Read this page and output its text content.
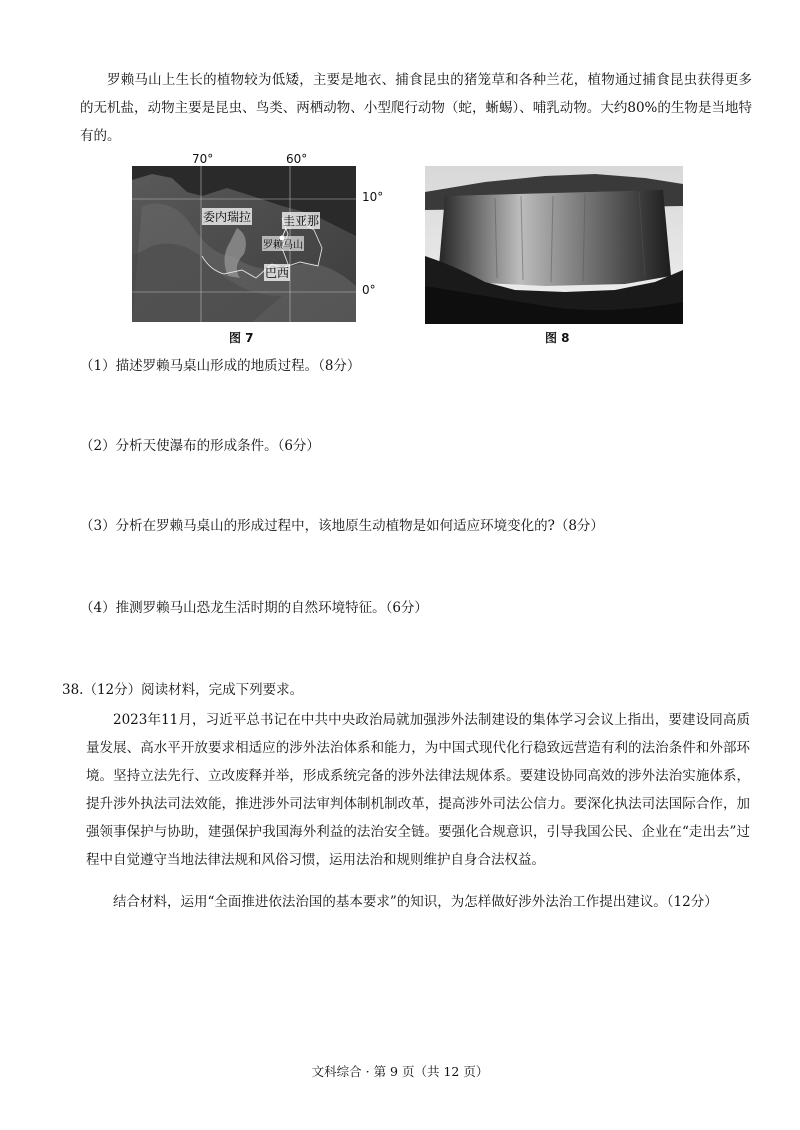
罗赖马山上生长的植物较为低矮，主要是地衣、捕食昆虫的猪笼草和各种兰花，植物通过捕食昆虫获得更多的无机盐，动物主要是昆虫、鸟类、两栖动物、小型爬行动物（蛇，蜥蜴）、哺乳动物。大约80%的生物是当地特有的。
委内瑞拉	圭亚那
罗赖马山
巴西
70°	60°
10°
0°
图 7	图 8
（1）描述罗赖马桌山形成的地质过程。（8分）
（2）分析天使瀑布的形成条件。（6分）
（3）分析在罗赖马桌山的形成过程中，该地原生动植物是如何适应环境变化的?（8分）
（4）推测罗赖马山恐龙生活时期的自然环境特征。（6分）
38.（12分）阅读材料，完成下列要求。
2023年11月，习近平总书记在中共中央政治局就加强涉外法制建设的集体学习会议上指出，要建设同高质量发展、高水平开放要求相适应的涉外法治体系和能力，为中国式现代化行稳致远营造有利的法治条件和外部环境。坚持立法先行、立改废释并举，形成系统完备的涉外法律法规体系。要建设协同高效的涉外法治实施体系，提升涉外执法司法效能，推进涉外司法审判体制机制改革，提高涉外司法公信力。要深化执法司法国际合作，加强领事保护与协助，建强保护我国海外利益的法治安全链。要强化合规意识，引导我国公民、企业在“走出去”过程中自觉遵守当地法律法规和风俗习惯，运用法治和规则维护自身合法权益。
结合材料，运用“全面推进依法治国的基本要求”的知识，为怎样做好涉外法治工作提出建议。（12分）
文科综合 · 第 9 页（共 12 页）
